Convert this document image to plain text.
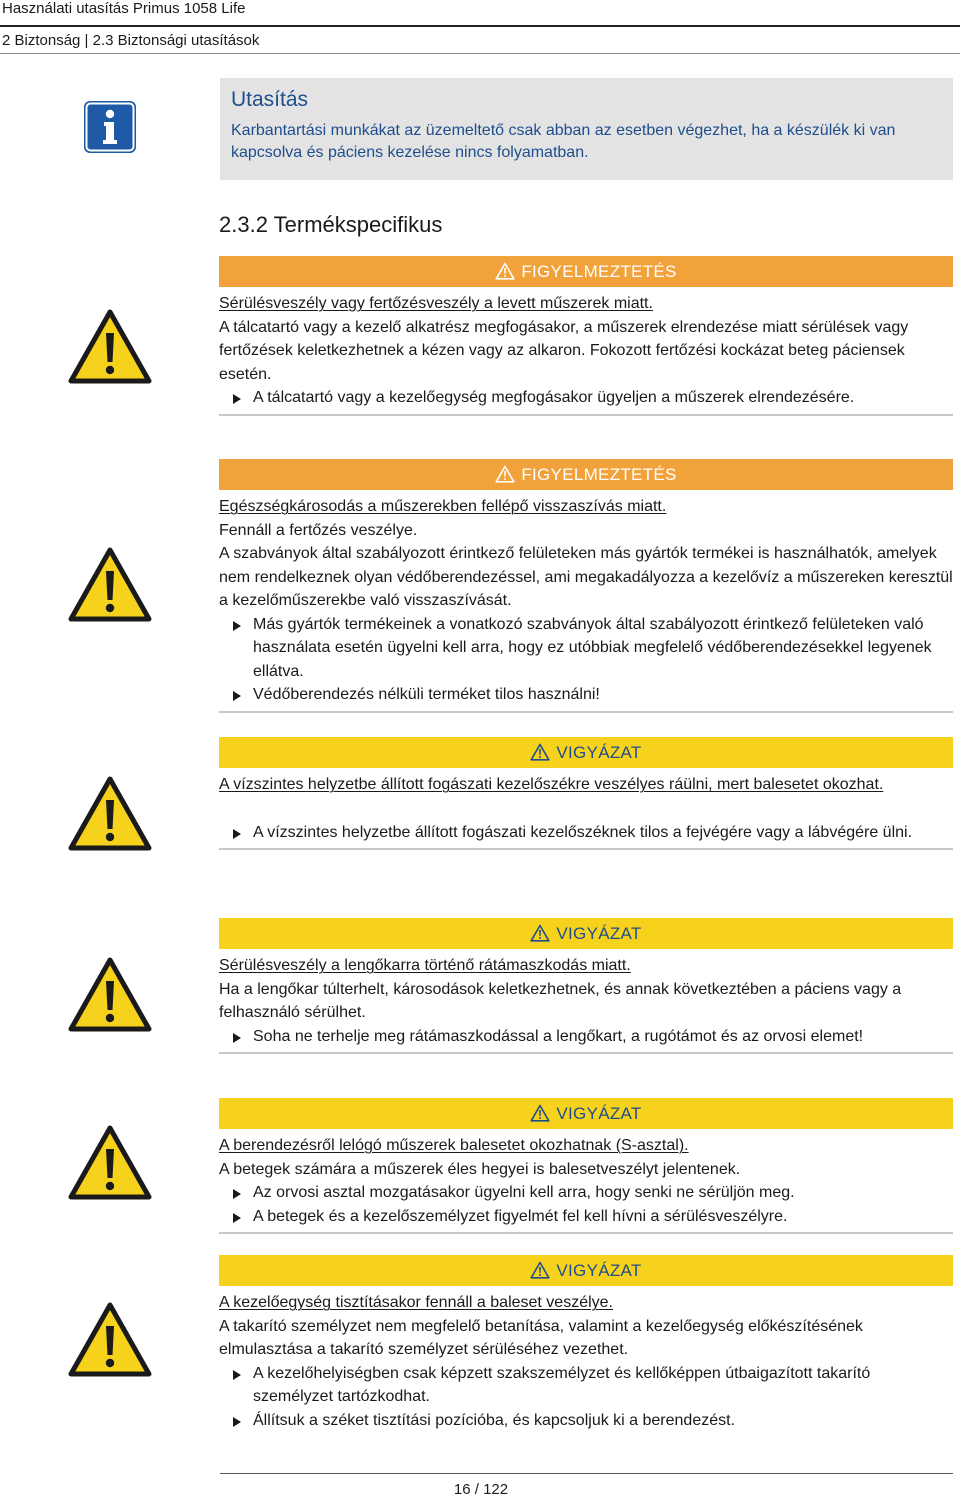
Használati utasítás Primus 1058 Life
2 Biztonság | 2.3 Biztonsági utasítások
Utasítás
Karbantartási munkákat az üzemeltető csak abban az esetben végezhet, ha a készülék ki van kapcsolva és páciens kezelése nincs folyamatban.
2.3.2 Termékspecifikus
FIGYELMEZTETÉS

Sérülésveszély vagy fertőzésveszély a levett műszerek miatt.

A tálcatartó vagy a kezelő alkatrész megfogásakor, a műszerek elrendezése miatt sérülések vagy fertőzések keletkezhetnek a kézen vagy az alkaron. Fokozott fertőzési kockázat beteg páciensek esetén.

A tálcatartó vagy a kezelőegység megfogásakor ügyeljen a műszerek elrendezésére.

FIGYELMEZTETÉS

Egészségkárosodás a műszerekben fellépő visszaszívás miatt.

Fennáll a fertőzés veszélye.

A szabványok által szabályozott érintkező felületeken más gyártók termékei is használhatók, amelyek nem rendelkeznek olyan védőberendezéssel, ami megakadályozza a kezelővíz a műszereken keresztül a kezelőműszerekbe való visszaszívását.

Más gyártók termékeinek a vonatkozó szabványok által szabályozott érintkező felületeken való használata esetén ügyelni kell arra, hogy ez utóbbiak megfelelő védőberendezésekkel legyenek ellátva.

Védőberendezés nélküli terméket tilos használni!

VIGYÁZAT

A vízszintes helyzetbe állított fogászati kezelőszékre veszélyes ráülni, mert balesetet okozhat.

A vízszintes helyzetbe állított fogászati kezelőszéknek tilos a fejvégére vagy a lábvégére ülni.

VIGYÁZAT

Sérülésveszély a lengőkarra történő rátámaszkodás miatt.

Ha a lengőkar túlterhelt, károsodások keletkezhetnek, és annak következtében a páciens vagy a felhasználó sérülhet.

Soha ne terhelje meg rátámaszkodással a lengőkart, a rugótámot és az orvosi elemet!

VIGYÁZAT

A berendezésről lelógó műszerek balesetet okozhatnak (S-asztal).

A betegek számára a műszerek éles hegyei is balesetveszélyt jelentenek.

Az orvosi asztal mozgatásakor ügyelni kell arra, hogy senki ne sérüljön meg.

A betegek és a kezelőszemélyzet figyelmét fel kell hívni a sérülésveszélyre.

VIGYÁZAT

A kezelőegység tisztításakor fennáll a baleset veszélye.

A takarító személyzet nem megfelelő betanítása, valamint a kezelőegység előkészítésének elmulasztása a takarító személyzet sérüléséhez vezethet.

A kezelőhelyiségben csak képzett szakszemélyzet és kellőképpen útbaigazított takarító személyzet tartózkodhat.

Állítsuk a széket tisztítási pozícióba, és kapcsoljuk ki a berendezést.

16 / 122
